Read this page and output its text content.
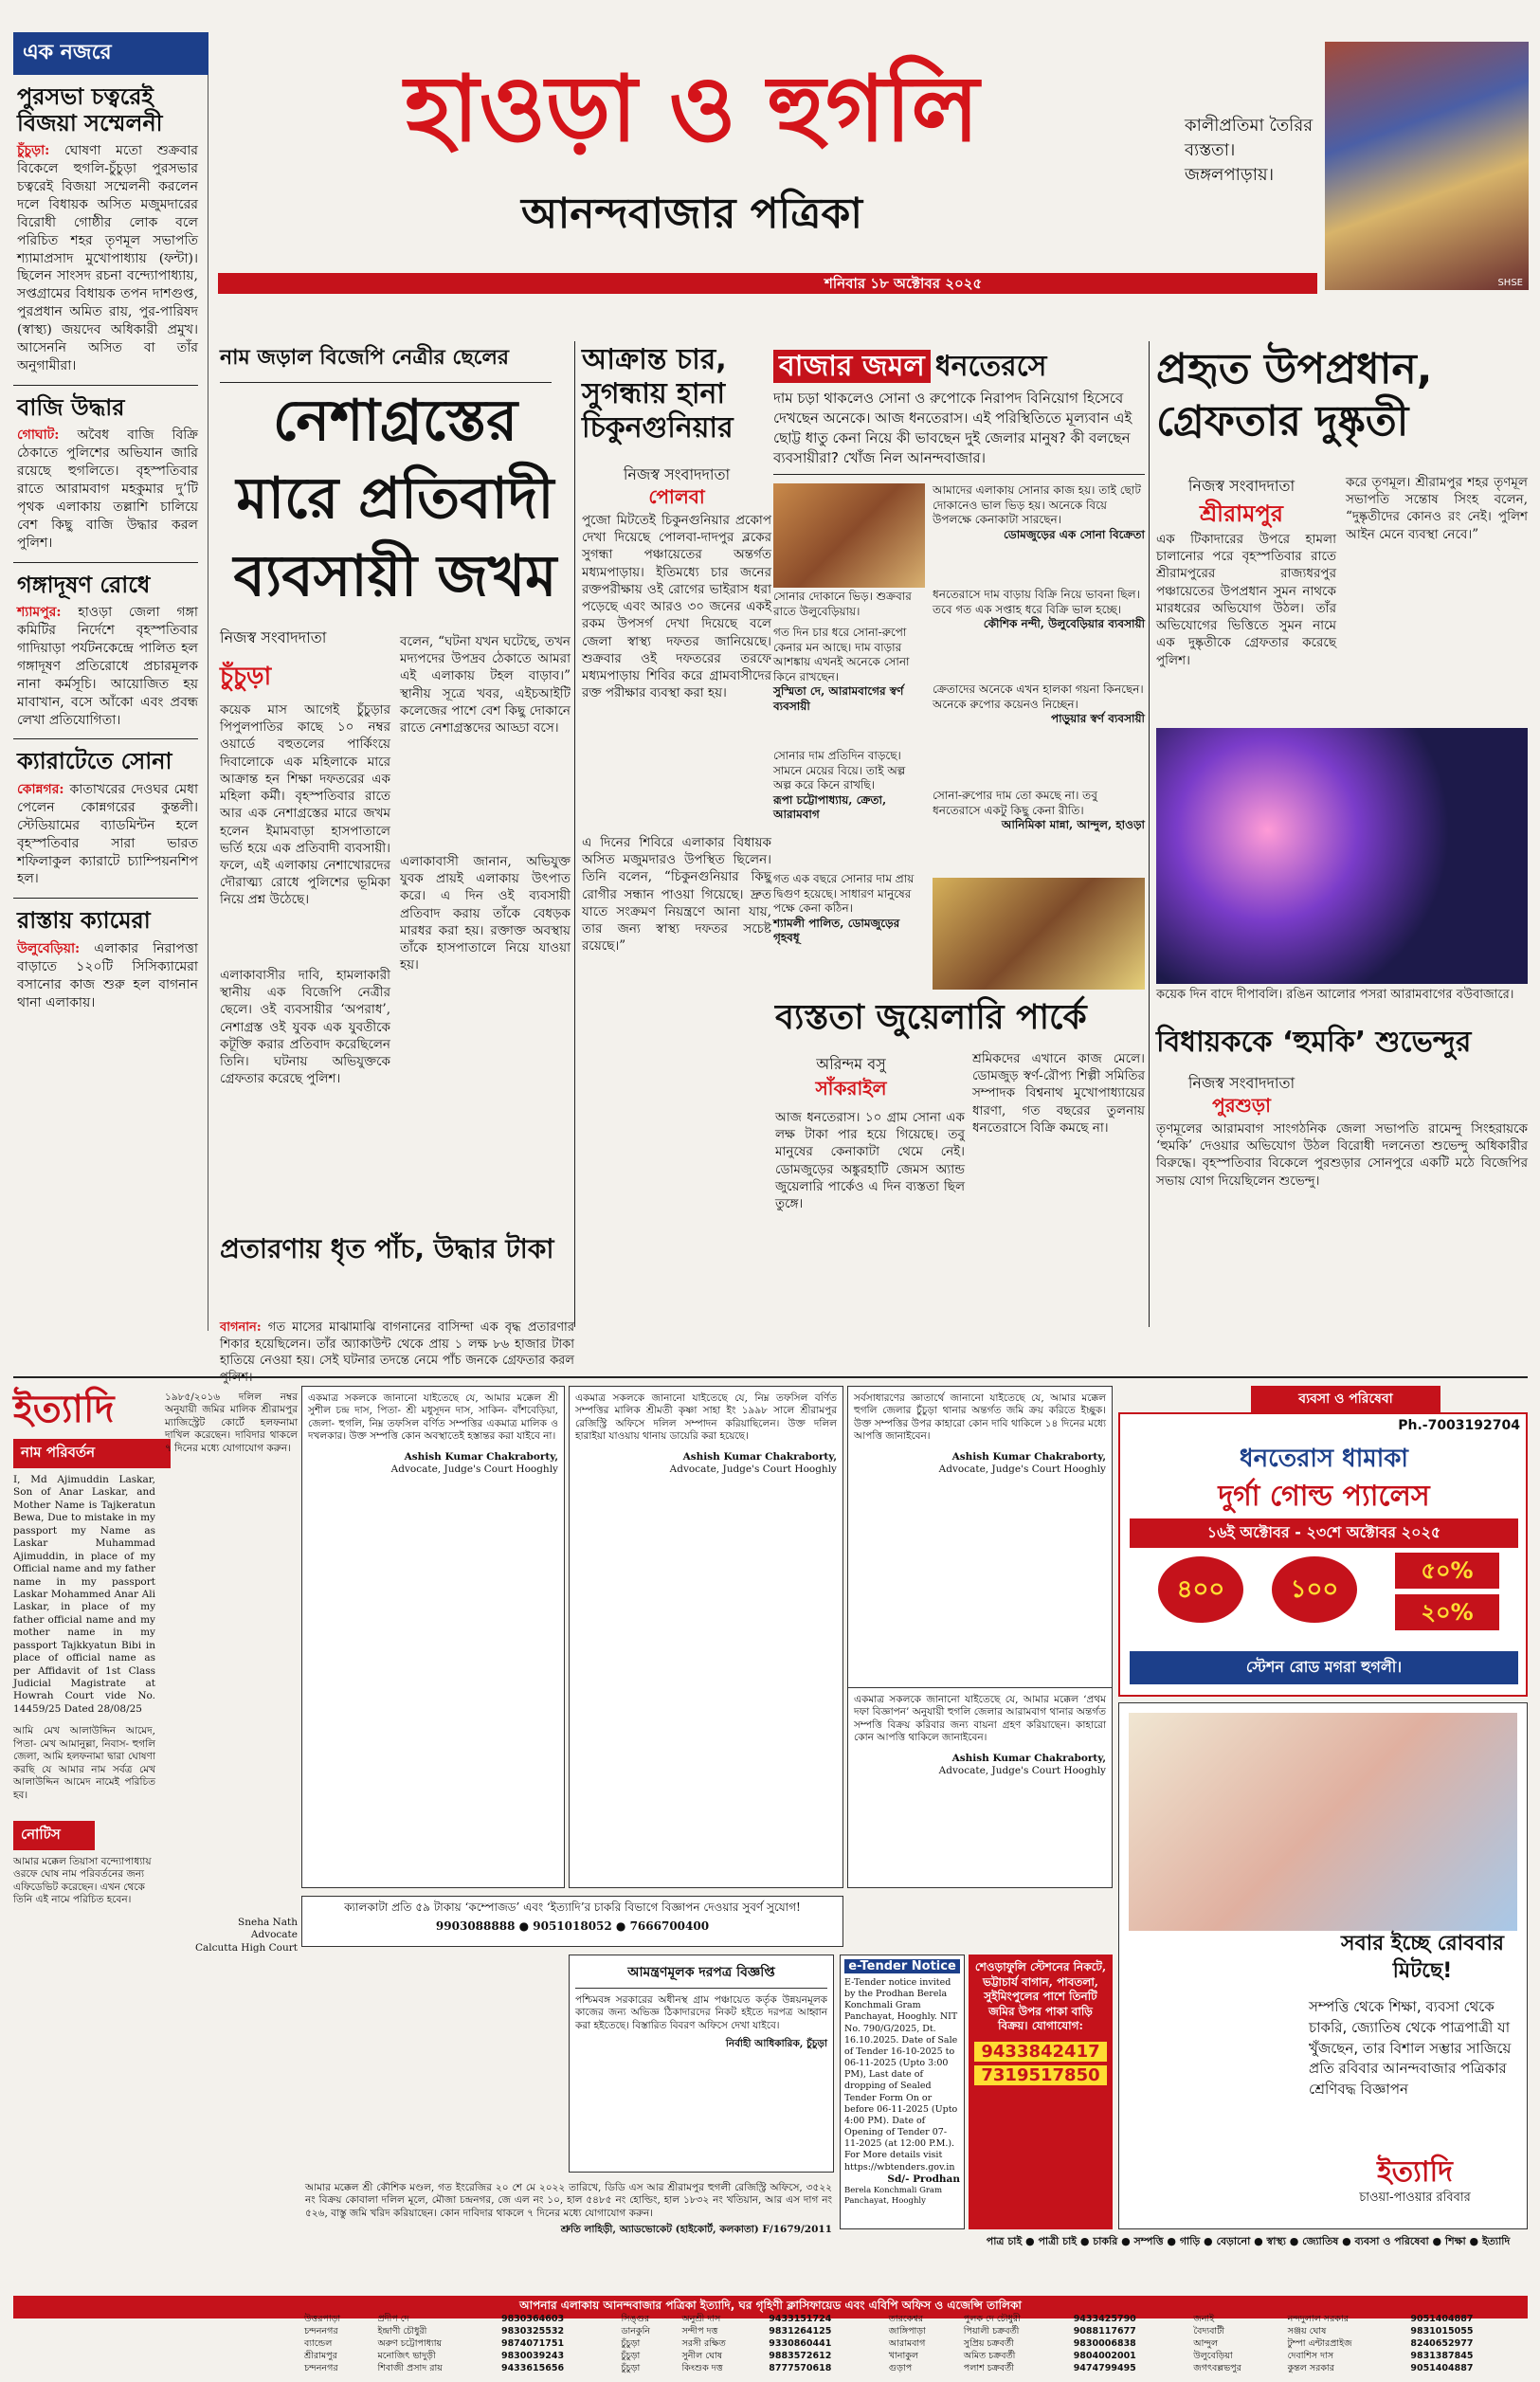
এক নজরে
পুরসভা চত্বরেই বিজয়া সম্মেলনী
চুঁচুড়া: ঘোষণা মতো শুক্রবার বিকেলে হুগলি-চুঁচুড়া পুরসভার চত্বরেই বিজয়া সম্মেলনী করলেন দলে বিধায়ক অসিত মজুমদারের বিরোধী গোষ্ঠীর লোক বলে পরিচিত শহর তৃণমূল সভাপতি শ্যামাপ্রসাদ মুখোপাধ্যায় (ফন্টা)। ছিলেন সাংসদ রচনা বন্দ্যোপাধ্যায়, সপ্তগ্রামের বিধায়ক তপন দাশগুপ্ত, পুরপ্রধান অমিত রায়, পুর-পারিষদ (স্বাস্থ্য) জয়দেব অধিকারী প্রমুখ। আসেননি অসিত বা তাঁর অনুগামীরা।
বাজি উদ্ধার
গোঘাট: অবৈধ বাজি বিক্রি ঠেকাতে পুলিশের অভিযান জারি রয়েছে হুগলিতে। বৃহস্পতিবার রাতে আরামবাগ মহকুমার দু’টি পৃথক এলাকায় তল্লাশি চালিয়ে বেশ কিছু বাজি উদ্ধার করল পুলিশ।
গঙ্গাদূষণ রোধে
শ্যামপুর: হাওড়া জেলা গঙ্গা কমিটির নির্দেশে বৃহস্পতিবার গাদিয়াড়া পর্যটনকেন্দ্রে পালিত হল গঙ্গাদূষণ প্রতিরোধে প্রচারমূলক নানা কর্মসূচি। আয়োজিত হয় মাবাখান, বসে আঁকো এবং প্রবন্ধ লেখা প্রতিযোগিতা।
ক্যারাটেতে সোনা
কোন্নগর: কাতাখরের দেওঘর মেধা পেলেন কোন্নগরের কুন্তলী। স্টেডিয়ামের ব্যাডমিন্টন হলে বৃহস্পতিবার সারা ভারত শফিলাকুল ক্যারাটে চ্যাম্পিয়নশিপ হল।
রাস্তায় ক্যামেরা
উলুবেড়িয়া: এলাকার নিরাপত্তা বাড়াতে ১২০টি সিসিক্যামেরা বসানোর কাজ শুরু হল বাগনান থানা এলাকায়।
হাওড়া ও হুগলি
আনন্দবাজার পত্রিকা
শনিবার ১৮ অক্টোবর ২০২৫
কালীপ্রতিমা তৈরির ব্যস্ততা। জঙ্গলপাড়ায়।
SHSE
নাম জড়াল বিজেপি নেত্রীর ছেলের
নেশাগ্রস্তের
মারে প্রতিবাদী
ব্যবসায়ী জখম
নিজস্ব সংবাদদাতা
চুঁচুড়া
কয়েক মাস আগেই চুঁচুড়ার পিপুলপাতির কাছে ১০ নম্বর ওয়ার্ডে বহুতলের পার্কিংয়ে দিবালোকে এক মহিলাকে মারে আক্রান্ত হন শিক্ষা দফতরের এক মহিলা কর্মী। বৃহস্পতিবার রাতে আর এক নেশাগ্রস্তের মারে জখম হলেন ইমামবাড়া হাসপাতালে ভর্তি হয়ে এক প্রতিবাদী ব্যবসায়ী। ফলে, এই এলাকায় নেশাখোরদের দৌরাত্ম্য রোধে পুলিশের ভূমিকা নিয়ে প্রশ্ন উঠেছে।
এলাকাবাসীর দাবি, হামলাকারী স্থানীয় এক বিজেপি নেত্রীর ছেলে। ওই ব্যবসায়ীর ‘অপরাধ’, নেশাগ্রস্ত ওই যুবক এক যুবতীকে কটূক্তি করার প্রতিবাদ করেছিলেন তিনি। ঘটনায় অভিযুক্তকে গ্রেফতার করেছে পুলিশ।
বলেন, “ঘটনা যখন ঘটেছে, তখন মদ্যপদের উপদ্রব ঠেকাতে আমরা এই এলাকায় টহল বাড়াব।” স্থানীয় সূত্রে খবর, এইচআইটি কলেজের পাশে বেশ কিছু দোকানে রাতে নেশাগ্রস্তদের আড্ডা বসে।
এলাকাবাসী জানান, অভিযুক্ত যুবক প্রায়ই এলাকায় উৎপাত করে। এ দিন ওই ব্যবসায়ী প্রতিবাদ করায় তাঁকে বেধড়ক মারধর করা হয়। রক্তাক্ত অবস্থায় তাঁকে হাসপাতালে নিয়ে যাওয়া হয়।
আক্রান্ত চার, সুগন্ধায় হানা চিকুনগুনিয়ার
নিজস্ব সংবাদদাতা
পোলবা
পুজো মিটতেই চিকুনগুনিয়ার প্রকোপ দেখা দিয়েছে পোলবা-দাদপুর ব্লকের সুগন্ধা পঞ্চায়েতের অন্তর্গত মধ্যমপাড়ায়। ইতিমধ্যে চার জনের রক্তপরীক্ষায় ওই রোগের ভাইরাস ধরা পড়েছে এবং আরও ৩০ জনের একই রকম উপসর্গ দেখা দিয়েছে বলে জেলা স্বাস্থ্য দফতর জানিয়েছে। শুক্রবার ওই দফতরের তরফে মধ্যমপাড়ায় শিবির করে গ্রামবাসীদের রক্ত পরীক্ষার ব্যবস্থা করা হয়।
এ দিনের শিবিরে এলাকার বিধায়ক অসিত মজুমদারও উপস্থিত ছিলেন। তিনি বলেন, “চিকুনগুনিয়ার কিছু রোগীর সন্ধান পাওয়া গিয়েছে। দ্রুত যাতে সংক্রমণ নিয়ন্ত্রণে আনা যায়, তার জন্য স্বাস্থ্য দফতর সচেষ্ট রয়েছে।”
ব্যস্ততা জুয়েলারি পার্কে
অরিন্দম বসু
সাঁকরাইল
আজ ধনতেরাস। ১০ গ্রাম সোনা এক লক্ষ টাকা পার হয়ে গিয়েছে। তবু মানুষের কেনাকাটা থেমে নেই। ডোমজুড়ের অঙ্কুরহাটি জেমস অ্যান্ড জুয়েলারি পার্কেও এ দিন ব্যস্ততা ছিল তুঙ্গে।
শ্রমিকদের এখানে কাজ মেলে। ডোমজুড় স্বর্ণ-রৌপ্য শিল্পী সমিতির সম্পাদক বিশ্বনাথ মুখোপাধ্যায়ের ধারণা, গত বছরের তুলনায় ধনতেরাসে বিক্রি কমছে না।
বাজার জমল ধনতেরসে
দাম চড়া থাকলেও সোনা ও রুপোকে নিরাপদ বিনিয়োগ হিসেবে দেখছেন অনেকে। আজ ধনতেরাস। এই পরিস্থিতিতে মূল্যবান এই ছোট্ট ধাতু কেনা নিয়ে কী ভাবছেন দুই জেলার মানুষ? কী বলছেন ব্যবসায়ীরা? খোঁজ নিল আনন্দবাজার।
সোনার দোকানে ভিড়। শুক্রবার রাতে উলুবেড়িয়ায়।
আমাদের এলাকায় সোনার কাজ হয়। তাই ছোট দোকানেও ভাল ভিড় হয়। অনেকে বিয়ে উপলক্ষে কেনাকাটা সারছেন।
ডোমজুড়ের এক সোনা বিক্রেতা
গত দিন চার ধরে সোনা-রুপো কেনার মন আছে। দাম বাড়ার আশঙ্কায় এখনই অনেকে সোনা কিনে রাখছেন।
সুস্মিতা দে, আরামবাগের স্বর্ণ ব্যবসায়ী
ধনতেরাসে দাম বাড়ায় বিক্রি নিয়ে ভাবনা ছিল। তবে গত এক সপ্তাহ ধরে বিক্রি ভাল হচ্ছে।
কৌশিক নন্দী, উলুবেড়িয়ার ব্যবসায়ী
ক্রেতাদের অনেকে এখন হালকা গয়না কিনছেন। অনেকে রুপোর কয়েনও নিচ্ছেন।
পাড়ুয়ার স্বর্ণ ব্যবসায়ী
সোনার দাম প্রতিদিন বাড়ছে। সামনে মেয়ের বিয়ে। তাই অল্প অল্প করে কিনে রাখছি।
রূপা চট্টোপাধ্যায়, ক্রেতা, আরামবাগ
সোনা-রুপোর দাম তো কমছে না। তবু ধনতেরাসে একটু কিছু কেনা রীতি।
আনিমিকা মান্না, আন্দুল, হাওড়া
গত এক বছরে সোনার দাম প্রায় দ্বিগুণ হয়েছে। সাধারণ মানুষের পক্ষে কেনা কঠিন।
শ্যামলী পালিত, ডোমজুড়ের গৃহবধূ
প্রহৃত উপপ্রধান, গ্রেফতার দুষ্কৃতী
নিজস্ব সংবাদদাতা
শ্রীরামপুর
এক টিকাদারের উপরে হামলা চালানোর পরে বৃহস্পতিবার রাতে শ্রীরামপুরের রাজ্যধরপুর পঞ্চায়েতের উপপ্রধান সুমন নাথকে মারধরের অভিযোগ উঠল। তাঁর অভিযোগের ভিত্তিতে সুমন নামে এক দুষ্কৃতীকে গ্রেফতার করেছে পুলিশ।
করে তৃণমূল। শ্রীরামপুর শহর তৃণমূল সভাপতি সন্তোষ সিংহ বলেন, “দুষ্কৃতীদের কোনও রং নেই। পুলিশ আইন মেনে ব্যবস্থা নেবে।”
কয়েক দিন বাদে দীপাবলি। রঙিন আলোর পসরা আরামবাগের বউবাজারে।
প্রতারণায় ধৃত পাঁচ, উদ্ধার টাকা
বাগনান: গত মাসের মাঝামাঝি বাগনানের বাসিন্দা এক বৃদ্ধ প্রতারণার শিকার হয়েছিলেন। তাঁর অ্যাকাউন্ট থেকে প্রায় ১ লক্ষ ৮৬ হাজার টাকা হাতিয়ে নেওয়া হয়। সেই ঘটনার তদন্তে নেমে পাঁচ জনকে গ্রেফতার করল
বিধায়ককে ‘হুমকি’ শুভেন্দুর
নিজস্ব সংবাদদাতা
পুরশুড়া
তৃণমূলের আরামবাগ সাংগঠনিক জেলা সভাপতি রামেন্দু সিংহরায়কে ‘হুমকি’ দেওয়ার অভিযোগ উঠল বিরোধী দলনেতা শুভেন্দু অধিকারীর বিরুদ্ধে। বৃহস্পতিবার বিকেলে পুরশুড়ার সোনপুরে একটি মঠে বিজেপির সভায় যোগ দিয়েছিলেন শুভেন্দু।
ইত্যাদি
নাম পরিবর্তন
I, Md Ajimuddin Laskar, Son of Anar Laskar, and Mother Name is Tajkeratun Bewa, Due to mistake in my passport my Name as Laskar Muhammad Ajimuddin, in place of my Official name and my father name in my passport Laskar Mohammed Anar Ali Laskar, in place of my father official name and my mother name in my passport Tajkkyatun Bibi in place of official name as per Affidavit of 1st Class Judicial Magistrate at Howrah Court vide No. 14459/25 Dated 28/08/25
আমি মেখ আলাউদ্দিন আমেদ, পিতা- মেখ আমানুল্লা, নিবাস- হুগলি জেলা, আমি হলফনামা দ্বারা ঘোষণা করছি যে আমার নাম সর্বত্র মেখ আলাউদ্দিন আমেদ নামেই পরিচিত হব।
নোটিস
আমার মক্কেল তিয়াসা বন্দ্যোপাধ্যায় ওরফে ঘোষ নাম পরিবর্তনের জন্য এফিডেভিট করেছেন। এখন থেকে তিনি এই নামে পরিচিত হবেন।
১৯৮৫/২০১৬ দলিল নম্বর অনুযায়ী জমির মালিক শ্রীরামপুর ম্যাজিস্ট্রেট কোর্টে হলফনামা দাখিল করেছেন। দাবিদার থাকলে ৭ দিনের মধ্যে যোগাযোগ করুন।
Sneha Nath
Advocate
Calcutta High Court
একমাত্র সকলকে জানানো যাইতেছে যে, আমার মক্কেল শ্রী সুশীল চন্দ্র দাস, পিতা- শ্রী মধুসূদন দাস, সাকিন- বাঁশবেড়িয়া, জেলা- হুগলি, নিম্ন তফসিল বর্ণিত সম্পত্তির একমাত্র মালিক ও দখলকার। উক্ত সম্পত্তি কোন অবস্থাতেই হস্তান্তর করা যাইবে না।
Ashish Kumar Chakraborty,
Advocate, Judge's Court Hooghly
একমাত্র সকলকে জানানো যাইতেছে যে, নিম্ন তফসিল বর্ণিত সম্পত্তির মালিক শ্রীমতী কৃষ্ণা সাহা ইং ১৯৯৮ সালে শ্রীরামপুর রেজিস্ট্রি অফিসে দলিল সম্পাদন করিয়াছিলেন। উক্ত দলিল হারাইয়া যাওয়ায় থানায় ডায়েরি করা হয়েছে।
Ashish Kumar Chakraborty,
Advocate, Judge's Court Hooghly
সর্বসাধারণের জ্ঞাতার্থে জানানো যাইতেছে যে, আমার মক্কেল হুগলি জেলার চুঁচুড়া থানার অন্তর্গত জমি ক্রয় করিতে ইচ্ছুক। উক্ত সম্পত্তির উপর কাহারো কোন দাবি থাকিলে ১৪ দিনের মধ্যে আপত্তি জানাইবেন।
Ashish Kumar Chakraborty,
Advocate, Judge's Court Hooghly
একমাত্র সকলকে জানানো যাইতেছে যে, আমার মক্কেল ‘প্রথম দফা বিজ্ঞাপন’ অনুযায়ী হুগলি জেলার আরামবাগ থানার অন্তর্গত সম্পত্তি বিক্রয় করিবার জন্য বায়না গ্রহণ করিয়াছেন। কাহারো কোন আপত্তি থাকিলে জানাইবেন।
Ashish Kumar Chakraborty,
Advocate, Judge's Court Hooghly
ক্যালকাটা প্রতি ৫৯ টাকায় ‘কম্পোজড’ এবং ‘ইত্যাদি’র চাকরি বিভাগে বিজ্ঞাপন দেওয়ার সুবর্ণ সুযোগ!
9903088888 ● 9051018052 ● 7666700400
আমন্ত্রণমূলক দরপত্র বিজ্ঞপ্তি
পশ্চিমবঙ্গ সরকারের অধীনস্থ গ্রাম পঞ্চায়েত কর্তৃক উন্নয়নমূলক কাজের জন্য অভিজ্ঞ ঠিকাদারদের নিকট হইতে দরপত্র আহ্বান করা হইতেছে। বিস্তারিত বিবরণ অফিসে দেখা যাইবে।
নির্বাহী আধিকারিক, চুঁচুড়া
e-Tender Notice
E-Tender notice invited by the Prodhan Berela Konchmali Gram Panchayat, Hooghly. NIT No. 790/G/2025, Dt. 16.10.2025. Date of Sale of Tender 16-10-2025 to 06-11-2025 (Upto 3:00 PM), Last date of dropping of Sealed Tender Form On or before 06-11-2025 (Upto 4:00 PM). Date of Opening of Tender 07-11-2025 (at 12:00 P.M.). For More details visit https://wbtenders.gov.in
Sd/- Prodhan
Berela Konchmali Gram Panchayat, Hooghly
শেওড়াফুলি স্টেশনের নিকটে, ভট্টাচার্য বাগান, পাবতলা, সুইমিংপুলের পাশে তিনটি জমির উপর পাকা বাড়ি বিক্রয়। যোগাযোগ:
9433842417
7319517850
আমার মক্কেল শ্রী কৌশিক মণ্ডল, গত ইংরেজির ২০ শে মে ২০২২ তারিখে, ডিডি এস আর শ্রীরামপুর হুগলী রেজিস্ট্রি অফিসে, ৩৫২২ নং বিক্রয় কোবালা দলিল মূলে, মৌজা চন্দ্রনগর, জে এল নং ১০, হাল ৫৪৮৫ নং হোল্ডিং, হাল ১৮৩২ নং খতিয়ান, আর এস দাগ নং ৫২৬, বাস্তু জমি খরিদ করিয়াছেন। কোন দাবিদার থাকলে ৭ দিনের মধ্যে যোগাযোগ করুন।
শ্রুতি লাহিড়ী, অ্যাডভোকেট (হাইকোর্ট, কলকাতা) F/1679/2011
ব্যবসা ও পরিষেবা
Ph.-7003192704
ধনতেরাস ধামাকা
দুর্গা গোল্ড প্যালেস
১৬ই অক্টোবর - ২৩শে অক্টোবর ২০২৫
৪০০	১০০
৫০%
২০%
স্টেশন রোড মগরা হুগলী।
সবার ইচ্ছে রোববার মিটছে!
সম্পত্তি থেকে শিক্ষা, ব্যবসা থেকে চাকরি, জ্যোতিষ থেকে পাত্রপাত্রী যা খুঁজছেন, তার বিশাল সম্ভার সাজিয়ে প্রতি রবিবার আনন্দবাজার পত্রিকার শ্রেণিবদ্ধ বিজ্ঞাপন
ইত্যাদি
চাওয়া-পাওয়ার রবিবার
পাত্র চাই ● পাত্রী চাই ● চাকরি ● সম্পত্তি ● গাড়ি ● বেড়ানো ● স্বাস্থ্য ● জ্যোতিষ ● ব্যবসা ও পরিষেবা ● শিক্ষা ● ইত্যাদি
আপনার এলাকায় আনন্দবাজার পত্রিকা ইত্যাদি, ঘর গৃহিণী ক্লাসিফায়েড এবং এবিপি অফিস ও এজেন্সি তালিকা
উত্তরপাড়া	প্রদীপ দে	9830364603	সিঙ্গুর	অনুশ্রী দাস	9433151724	তারকেশ্বর	পুলক দে চৌধুরী	9433425790	জনাই	নন্দদুলাল সরকার	9051404887
চন্দননগর	ইন্দ্রাণী চৌধুরী	9830325532	ডানকুনি	সন্দীপ দত্ত	9831264125	জাঙ্গিপাড়া	পিয়ালী চক্রবর্তী	9088117677	বৈদ্যবাটী	সঞ্জয় ঘোষ	9831015055
ব্যান্ডেল	অরুণ চট্টোপাধ্যায়	9874071751	চুঁচুড়া	সরসী রক্ষিত	9330860441	আরামবাগ	সুপ্রিয় চক্রবর্তী	9830006838	আন্দুল	টুম্পা এন্টারপ্রাইজ	8240652977
শ্রীরামপুর	মনোজিৎ ভাদুড়ী	9830039243	চুঁচুড়া	সুনীল ঘোষ	9883572612	খানাকুল	অমিত চক্রবর্তী	9804002001	উলুবেড়িয়া	দেবাশিস দাস	9831387845
চন্দননগর	শিবাজী প্রসাদ রায়	9433615656	চুঁচুড়া	কিংশুক দত্ত	8777570618	গুড়াপ	পলাশ চক্রবর্তী	9474799495	জগৎবল্লভপুর	কুন্তল সরকার	9051404887
